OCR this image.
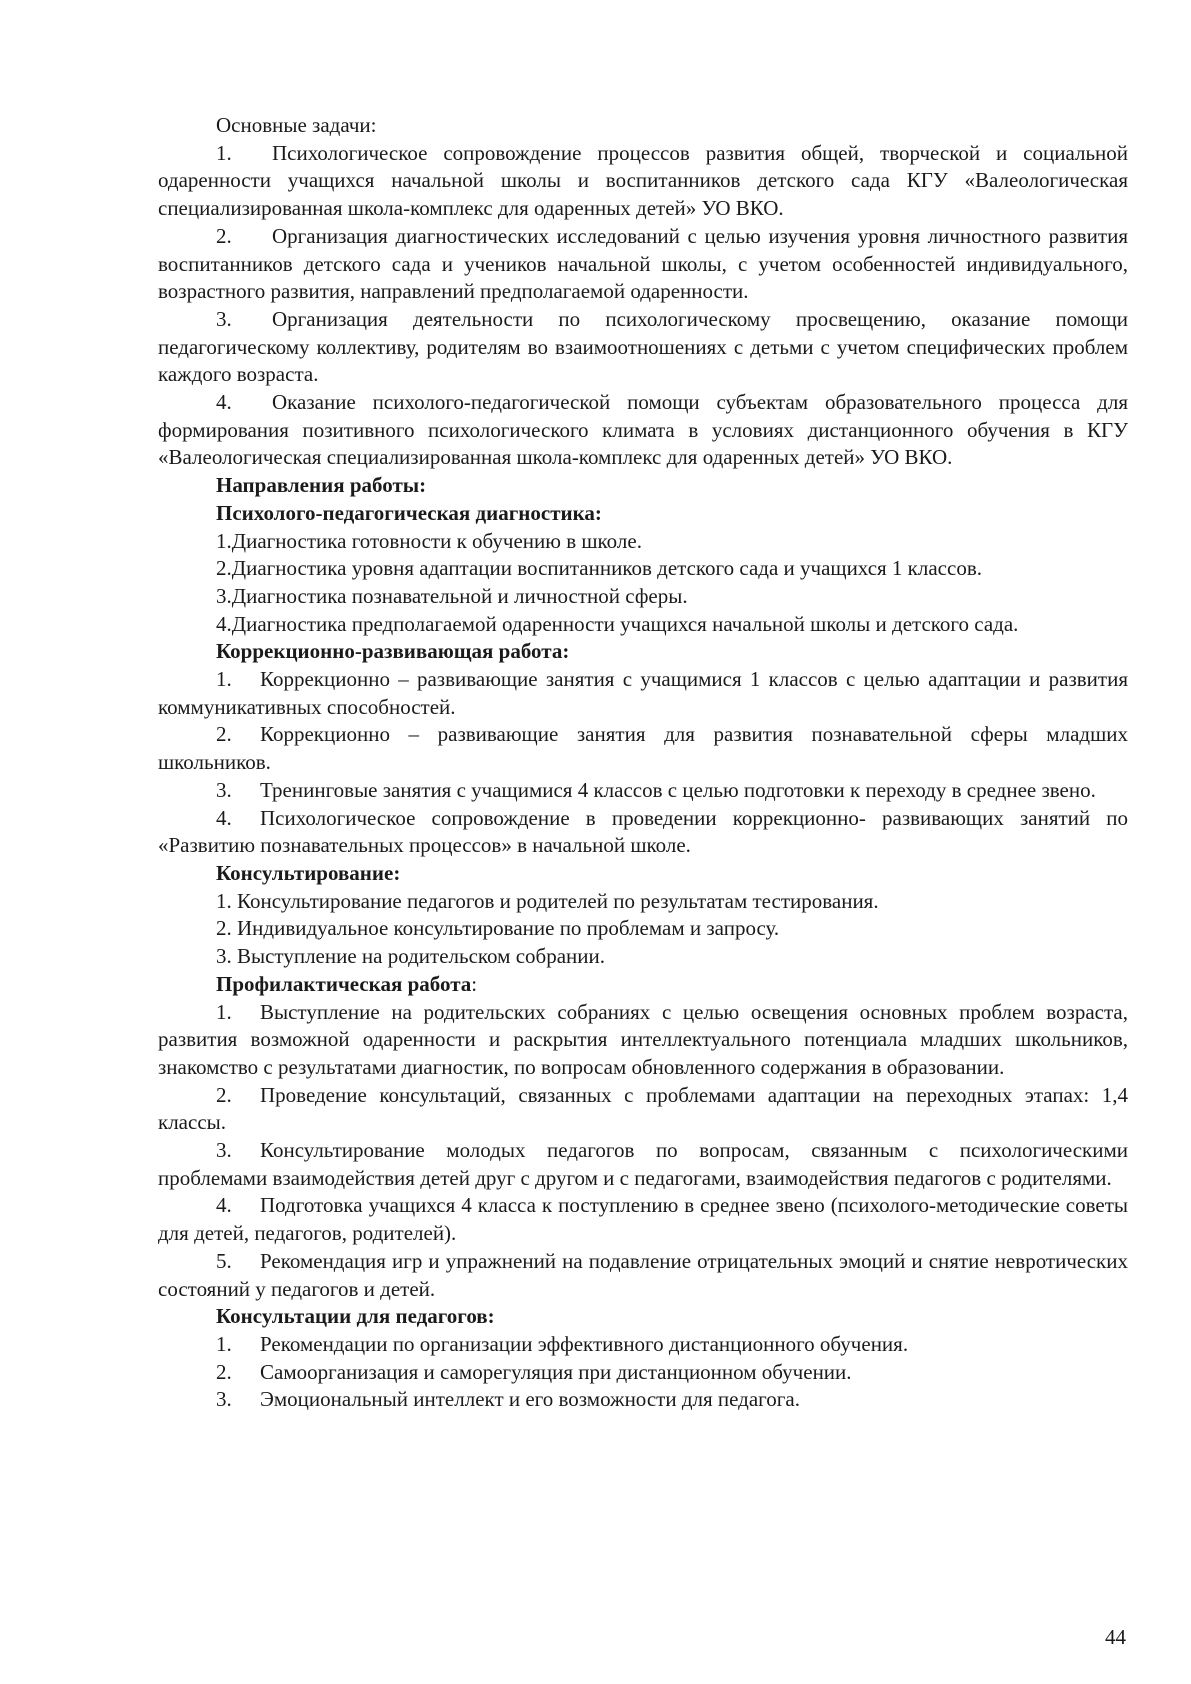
Основные задачи:

1. Психологическое сопровождение процессов развития общей, творческой и социальной одаренности учащихся начальной школы и воспитанников детского сада КГУ «Валеологическая специализированная школа-комплекс для одаренных детей» УО ВКО.

2. Организация диагностических исследований с целью изучения уровня личностного развития воспитанников детского сада и учеников начальной школы, с учетом особенностей индивидуального, возрастного развития, направлений предполагаемой одаренности.

3. Организация деятельности по психологическому просвещению, оказание помощи педагогическому коллективу, родителям во взаимоотношениях с детьми с учетом специфических проблем каждого возраста.

4. Оказание психолого-педагогической помощи субъектам образовательного процесса для формирования позитивного психологического климата в условиях дистанционного обучения в КГУ «Валеологическая специализированная школа-комплекс для одаренных детей» УО ВКО.

Направления работы:

Психолого-педагогическая диагностика:

1.Диагностика готовности к обучению в школе.

2.Диагностика уровня адаптации воспитанников детского сада и учащихся 1 классов.

3.Диагностика познавательной и личностной сферы.

4.Диагностика предполагаемой одаренности учащихся начальной школы и детского сада.

Коррекционно-развивающая работа:

1. Коррекционно – развивающие занятия с учащимися 1 классов с целью адаптации и развития коммуникативных способностей.

2. Коррекционно – развивающие занятия для развития познавательной сферы младших школьников.

3. Тренинговые занятия с учащимися 4 классов с целью подготовки к переходу в среднее звено.

4. Психологическое сопровождение в проведении коррекционно- развивающих занятий по «Развитию познавательных процессов» в начальной школе.

Консультирование:

1. Консультирование педагогов и родителей по результатам тестирования.

2. Индивидуальное консультирование по проблемам и запросу.

3. Выступление на родительском собрании.

Профилактическая работа:

1. Выступление на родительских собраниях с целью освещения основных проблем возраста, развития возможной одаренности и раскрытия интеллектуального потенциала младших школьников, знакомство с результатами диагностик, по вопросам обновленного содержания в образовании.

2. Проведение консультаций, связанных с проблемами адаптации на переходных этапах: 1,4 классы.

3. Консультирование молодых педагогов по вопросам, связанным с психологическими проблемами взаимодействия детей друг с другом и с педагогами, взаимодействия педагогов с родителями.

4. Подготовка учащихся 4 класса к поступлению в среднее звено (психолого-методические советы для детей, педагогов, родителей).

5. Рекомендация игр и упражнений на подавление отрицательных эмоций и снятие невротических состояний у педагогов и детей.

Консультации для педагогов:

1. Рекомендации по организации эффективного дистанционного обучения.

2. Самоорганизация и саморегуляция при дистанционном обучении.

3. Эмоциональный интеллект и его возможности для педагога.

44
